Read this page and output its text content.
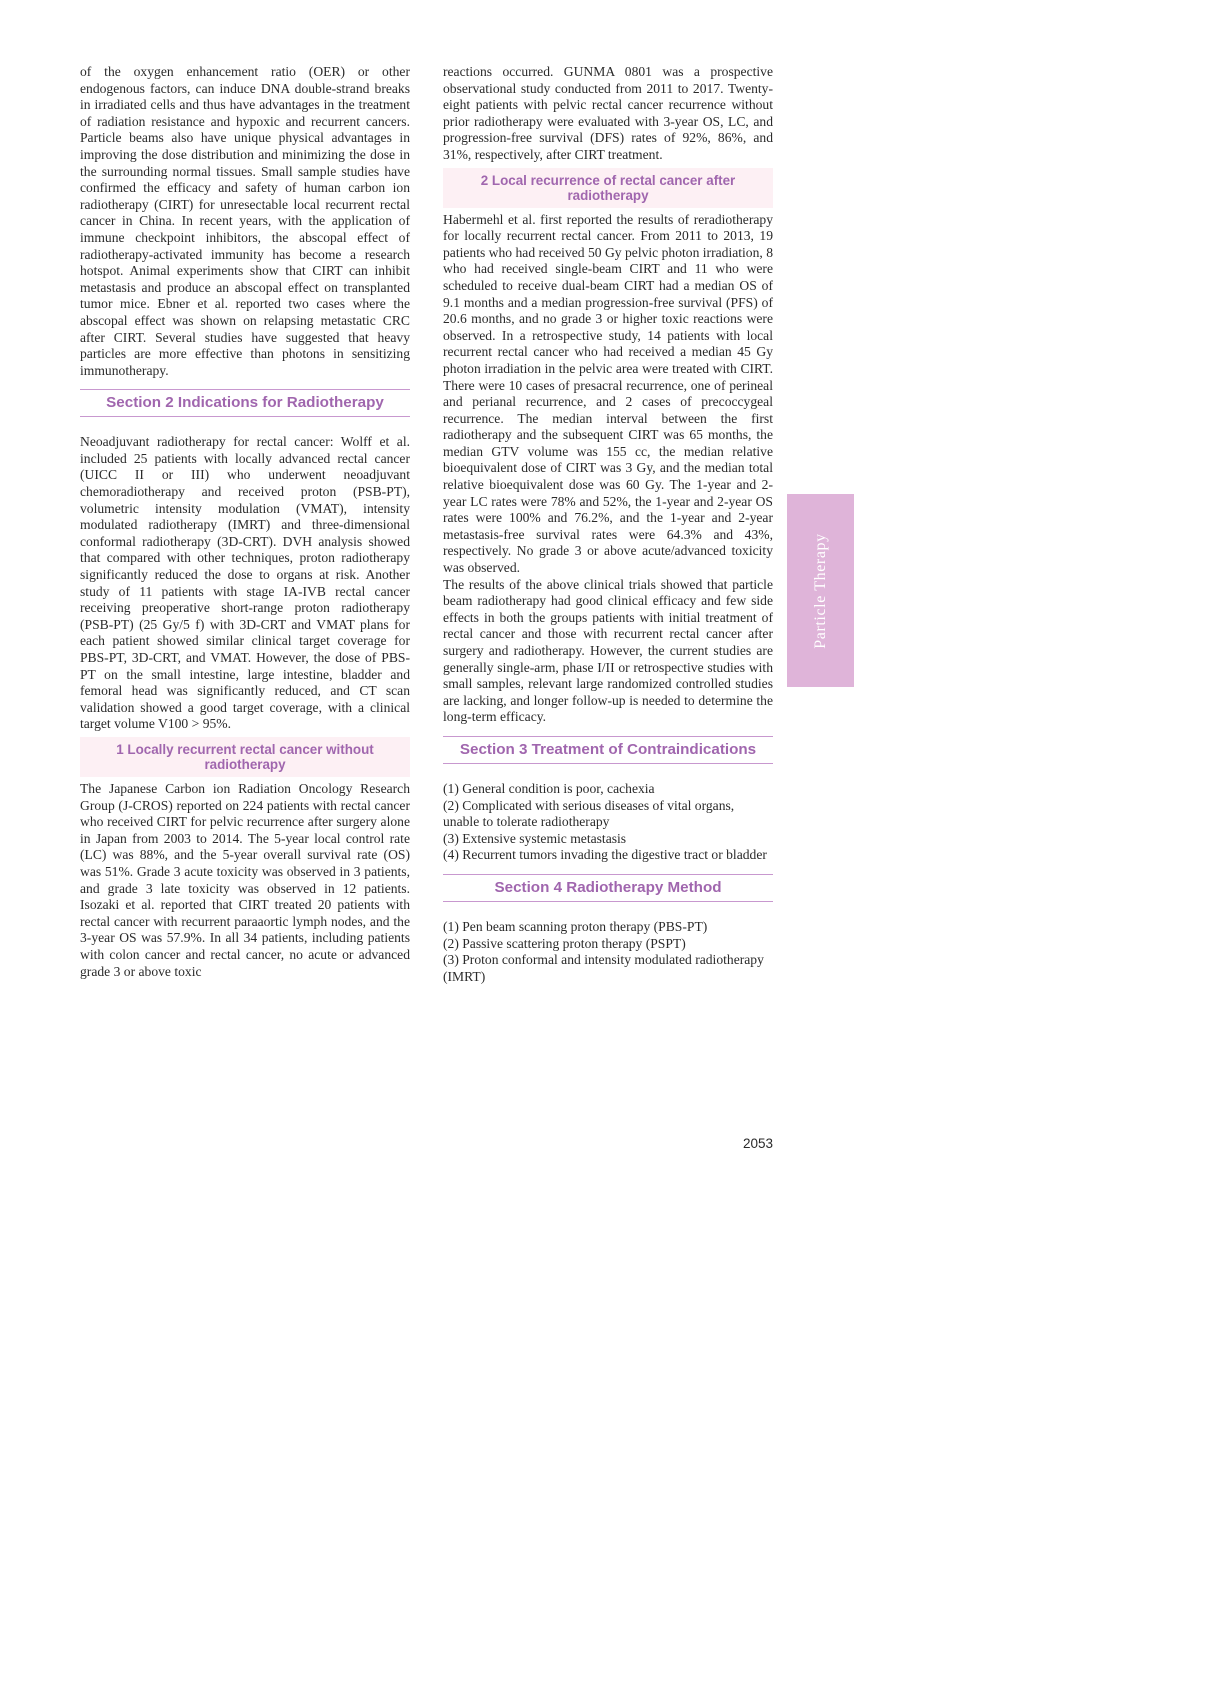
of the oxygen enhancement ratio (OER) or other endogenous factors, can induce DNA double-strand breaks in irradiated cells and thus have advantages in the treatment of radiation resistance and hypoxic and recurrent cancers. Particle beams also have unique physical advantages in improving the dose distribution and minimizing the dose in the surrounding normal tissues. Small sample studies have confirmed the efficacy and safety of human carbon ion radiotherapy (CIRT) for unresectable local recurrent rectal cancer in China. In recent years, with the application of immune checkpoint inhibitors, the abscopal effect of radiotherapy-activated immunity has become a research hotspot. Animal experiments show that CIRT can inhibit metastasis and produce an abscopal effect on transplanted tumor mice. Ebner et al. reported two cases where the abscopal effect was shown on relapsing metastatic CRC after CIRT. Several studies have suggested that heavy particles are more effective than photons in sensitizing immunotherapy.

Section 2 Indications for Radiotherapy

Neoadjuvant radiotherapy for rectal cancer: Wolff et al. included 25 patients with locally advanced rectal cancer (UICC II or III) who underwent neoadjuvant chemoradiotherapy and received proton (PSB-PT), volumetric intensity modulation (VMAT), intensity modulated radiotherapy (IMRT) and three-dimensional conformal radiotherapy (3D-CRT). DVH analysis showed that compared with other techniques, proton radiotherapy significantly reduced the dose to organs at risk. Another study of 11 patients with stage IA-IVB rectal cancer receiving preoperative short-range proton radiotherapy (PSB-PT) (25 Gy/5 f) with 3D-CRT and VMAT plans for each patient showed similar clinical target coverage for PBS-PT, 3D-CRT, and VMAT. However, the dose of PBS-PT on the small intestine, large intestine, bladder and femoral head was significantly reduced, and CT scan validation showed a good target coverage, with a clinical target volume V100 > 95%.

1 Locally recurrent rectal cancer without radiotherapy

The Japanese Carbon ion Radiation Oncology Research Group (J-CROS) reported on 224 patients with rectal cancer who received CIRT for pelvic recurrence after surgery alone in Japan from 2003 to 2014. The 5-year local control rate (LC) was 88%, and the 5-year overall survival rate (OS) was 51%. Grade 3 acute toxicity was observed in 3 patients, and grade 3 late toxicity was observed in 12 patients. Isozaki et al. reported that CIRT treated 20 patients with rectal cancer with recurrent paraaortic lymph nodes, and the 3-year OS was 57.9%. In all 34 patients, including patients with colon cancer and rectal cancer, no acute or advanced grade 3 or above toxic

reactions occurred. GUNMA 0801 was a prospective observational study conducted from 2011 to 2017. Twenty-eight patients with pelvic rectal cancer recurrence without prior radiotherapy were evaluated with 3-year OS, LC, and progression-free survival (DFS) rates of 92%, 86%, and 31%, respectively, after CIRT treatment.

2 Local recurrence of rectal cancer after radiotherapy

Habermehl et al. first reported the results of reradiotherapy for locally recurrent rectal cancer. From 2011 to 2013, 19 patients who had received 50 Gy pelvic photon irradiation, 8 who had received single-beam CIRT and 11 who were scheduled to receive dual-beam CIRT had a median OS of 9.1 months and a median progression-free survival (PFS) of 20.6 months, and no grade 3 or higher toxic reactions were observed. In a retrospective study, 14 patients with local recurrent rectal cancer who had received a median 45 Gy photon irradiation in the pelvic area were treated with CIRT. There were 10 cases of presacral recurrence, one of perineal and perianal recurrence, and 2 cases of precoccygeal recurrence. The median interval between the first radiotherapy and the subsequent CIRT was 65 months, the median GTV volume was 155 cc, the median relative bioequivalent dose of CIRT was 3 Gy, and the median total relative bioequivalent dose was 60 Gy. The 1-year and 2-year LC rates were 78% and 52%, the 1-year and 2-year OS rates were 100% and 76.2%, and the 1-year and 2-year metastasis-free survival rates were 64.3% and 43%, respectively. No grade 3 or above acute/advanced toxicity was observed.

The results of the above clinical trials showed that particle beam radiotherapy had good clinical efficacy and few side effects in both the groups patients with initial treatment of rectal cancer and those with recurrent rectal cancer after surgery and radiotherapy. However, the current studies are generally single-arm, phase I/II or retrospective studies with small samples, relevant large randomized controlled studies are lacking, and longer follow-up is needed to determine the long-term efficacy.

Section 3 Treatment of Contraindications

(1) General condition is poor, cachexia

(2) Complicated with serious diseases of vital organs, unable to tolerate radiotherapy

(3) Extensive systemic metastasis

(4) Recurrent tumors invading the digestive tract or bladder

Section 4 Radiotherapy Method

(1) Pen beam scanning proton therapy (PBS-PT)

(2) Passive scattering proton therapy (PSPT)

(3) Proton conformal and intensity modulated radiotherapy (IMRT)

Particle Therapy
2053
